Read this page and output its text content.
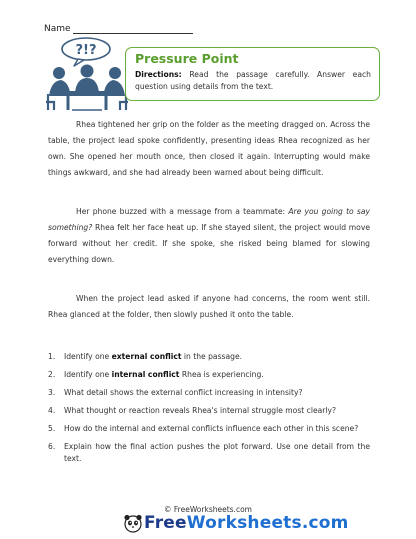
Name
?!?
Pressure Point
Directions: Read the passage carefully. Answer each question using details from the text.

Rhea tightened her grip on the folder as the meeting dragged on. Across the table, the project lead spoke confidently, presenting ideas Rhea recognized as her own. She opened her mouth once, then closed it again. Interrupting would make things awkward, and she had already been warned about being difficult.

Her phone buzzed with a message from a teammate: Are you going to say something? Rhea felt her face heat up. If she stayed silent, the project would move forward without her credit. If she spoke, she risked being blamed for slowing everything down.

When the project lead asked if anyone had concerns, the room went still. Rhea glanced at the folder, then slowly pushed it onto the table.

1. Identify one external conflict in the passage.
2. Identify one internal conflict Rhea is experiencing.
3. What detail shows the external conflict increasing in intensity?
4. What thought or reaction reveals Rhea's internal struggle most clearly?
5. How do the internal and external conflicts influence each other in this scene?
6. Explain how the final action pushes the plot forward. Use one detail from the text.
© FreeWorksheets.com
FreeWorksheets.com
